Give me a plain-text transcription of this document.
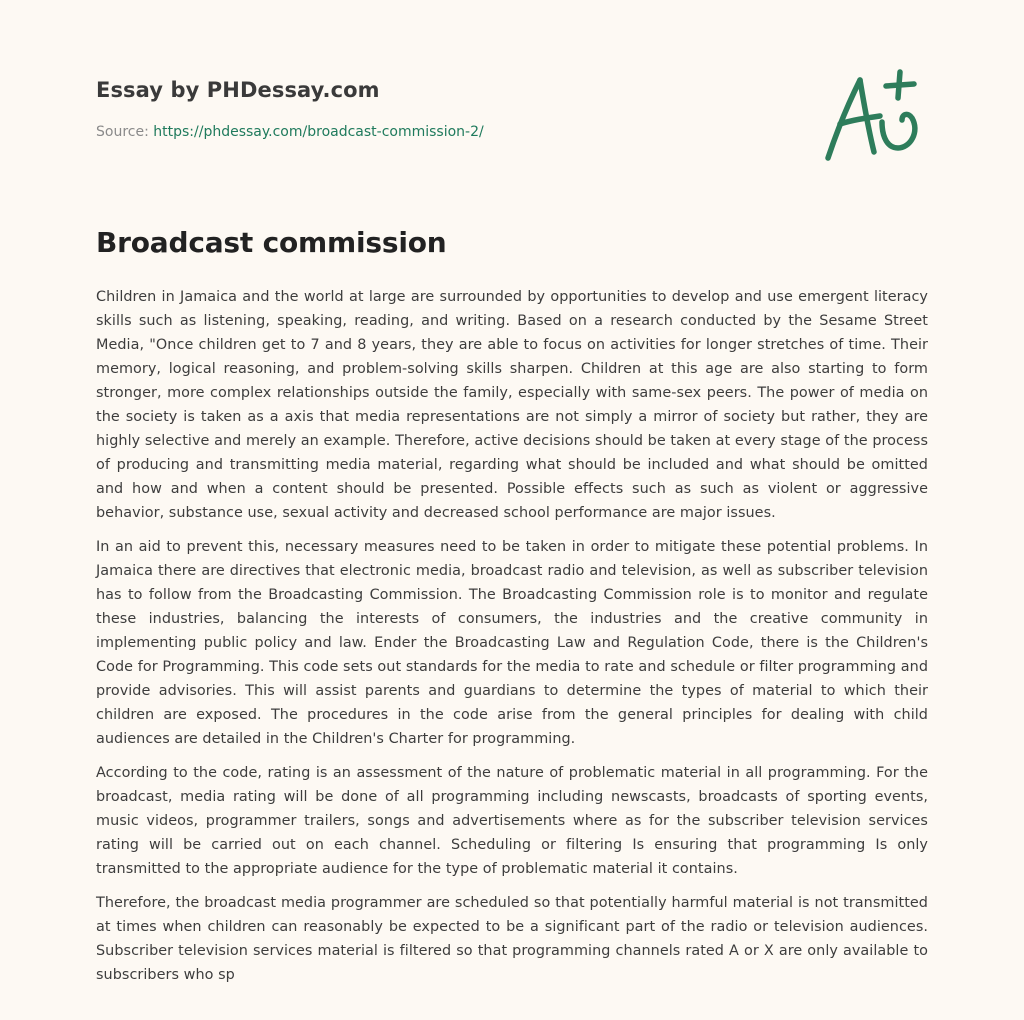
Essay by PHDessay.com
Source: https://phdessay.com/broadcast-commission-2/
Broadcast commission

Children in Jamaica and the world at large are surrounded by opportunities to develop and use emergent literacy skills such as listening, speaking, reading, and writing. Based on a research conducted by the Sesame Street Media, "Once children get to 7 and 8 years, they are able to focus on activities for longer stretches of time. Their memory, logical reasoning, and problem-solving skills sharpen. Children at this age are also starting to form stronger, more complex relationships outside the family, especially with same-sex peers. The power of media on the society is taken as a axis that media representations are not simply a mirror of society but rather, they are highly selective and merely an example. Therefore, active decisions should be taken at every stage of the process of producing and transmitting media material, regarding what should be included and what should be omitted and how and when a content should be presented. Possible effects such as such as violent or aggressive behavior, substance use, sexual activity and decreased school performance are major issues.

In an aid to prevent this, necessary measures need to be taken in order to mitigate these potential problems. In Jamaica there are directives that electronic media, broadcast radio and television, as well as subscriber television has to follow from the Broadcasting Commission. The Broadcasting Commission role is to monitor and regulate these industries, balancing the interests of consumers, the industries and the creative community in implementing public policy and law. Ender the Broadcasting Law and Regulation Code, there is the Children's Code for Programming. This code sets out standards for the media to rate and schedule or filter programming and provide advisories. This will assist parents and guardians to determine the types of material to which their children are exposed. The procedures in the code arise from the general principles for dealing with child audiences are detailed in the Children's Charter for programming.

According to the code, rating is an assessment of the nature of problematic material in all programming. For the broadcast, media rating will be done of all programming including newscasts, broadcasts of sporting events, music videos, programmer trailers, songs and advertisements where as for the subscriber television services rating will be carried out on each channel. Scheduling or filtering Is ensuring that programming Is only transmitted to the appropriate audience for the type of problematic material it contains.

Therefore, the broadcast media programmer are scheduled so that potentially harmful material is not transmitted at times when children can reasonably be expected to be a significant part of the radio or television audiences. Subscriber television services material is filtered so that programming channels rated A or X are only available to subscribers who sp
